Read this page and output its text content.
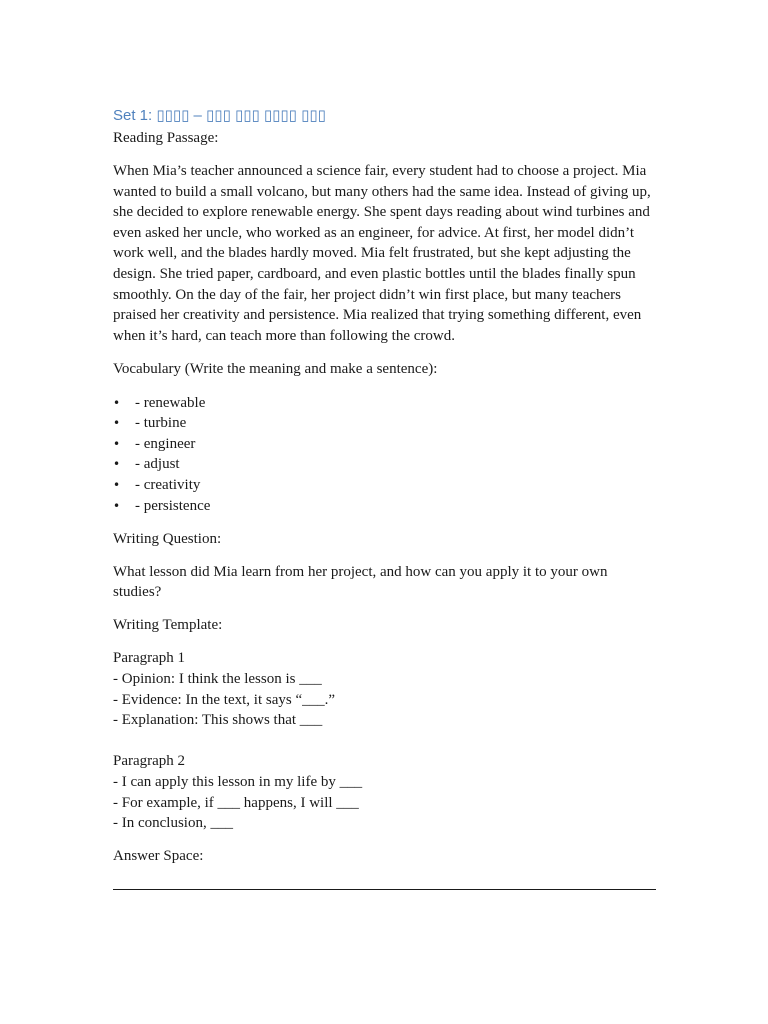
Set 1: ▯▯▯▯ – ▯▯▯ ▯▯▯ ▯▯▯▯ ▯▯▯

Reading Passage:

When Mia’s teacher announced a science fair, every student had to choose a project. Mia wanted to build a small volcano, but many others had the same idea. Instead of giving up, she decided to explore renewable energy. She spent days reading about wind turbines and even asked her uncle, who worked as an engineer, for advice. At first, her model didn’t work well, and the blades hardly moved. Mia felt frustrated, but she kept adjusting the design. She tried paper, cardboard, and even plastic bottles until the blades finally spun smoothly. On the day of the fair, her project didn’t win first place, but many teachers praised her creativity and persistence. Mia realized that trying something different, even when it’s hard, can teach more than following the crowd.

Vocabulary (Write the meaning and make a sentence):

• - renewable
• - turbine
• - engineer
• - adjust
• - creativity
• - persistence

Writing Question:

What lesson did Mia learn from her project, and how can you apply it to your own studies?

Writing Template:

Paragraph 1
- Opinion: I think the lesson is ___
- Evidence: In the text, it says “___.”
- Explanation: This shows that ___
Paragraph 2
- I can apply this lesson in my life by ___
- For example, if ___ happens, I will ___
- In conclusion, ___
Answer Space:
